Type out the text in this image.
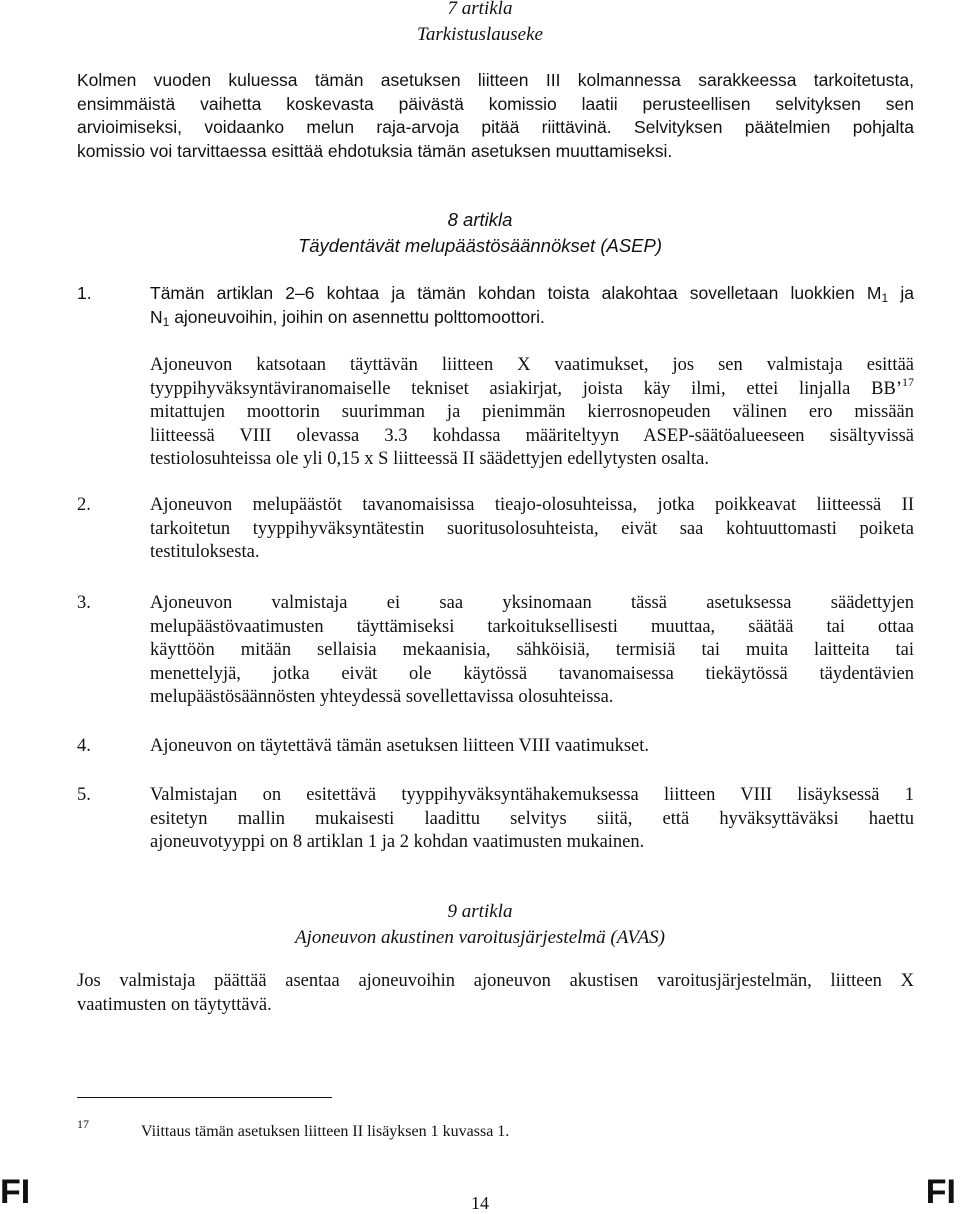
7 artikla
Tarkistuslauseke
Kolmen vuoden kuluessa tämän asetuksen liitteen III kolmannessa sarakkeessa tarkoitetusta,
ensimmäistä vaihetta koskevasta päivästä komissio laatii perusteellisen selvityksen sen
arvioimiseksi, voidaanko melun raja-arvoja pitää riittävinä. Selvityksen päätelmien pohjalta
komissio voi tarvittaessa esittää ehdotuksia tämän asetuksen muuttamiseksi.
8 artikla
Täydentävät melupäästösäännökset (ASEP)
1.	Tämän artiklan 2–6 kohtaa ja tämän kohdan toista alakohtaa sovelletaan luokkien $M_1$ ja
$N_1$ ajoneuvoihin, joihin on asennettu polttomoottori.
Ajoneuvon katsotaan täyttävän liitteen X vaatimukset, jos sen valmistaja esittää
tyyppihyväksyntäviranomaiselle tekniset asiakirjat, joista käy ilmi, ettei linjalla BB’$^{17}$
mitattujen moottorin suurimman ja pienimmän kierrosnopeuden välinen ero missään
liitteessä VIII olevassa 3.3 kohdassa määriteltyyn ASEP-säätöalueeseen sisältyvissä
testiolosuhteissa ole yli 0,15 x S liitteessä II säädettyjen edellytysten osalta.
2.	Ajoneuvon melupäästöt tavanomaisissa tieajo-olosuhteissa, jotka poikkeavat liitteessä II
tarkoitetun tyyppihyväksyntätestin suoritusolosuhteista, eivät saa kohtuuttomasti poiketa
testituloksesta.
3.	Ajoneuvon valmistaja ei saa yksinomaan tässä asetuksessa säädettyjen
melupäästövaatimusten täyttämiseksi tarkoituksellisesti muuttaa, säätää tai ottaa
käyttöön mitään sellaisia mekaanisia, sähköisiä, termisiä tai muita laitteita tai
menettelyjä, jotka eivät ole käytössä tavanomaisessa tiekäytössä täydentävien
melupäästösäännösten yhteydessä sovellettavissa olosuhteissa.
4.	Ajoneuvon on täytettävä tämän asetuksen liitteen VIII vaatimukset.
5.	Valmistajan on esitettävä tyyppihyväksyntähakemuksessa liitteen VIII lisäyksessä 1
esitetyn mallin mukaisesti laadittu selvitys siitä, että hyväksyttäväksi haettu
ajoneuvotyyppi on 8 artiklan 1 ja 2 kohdan vaatimusten mukainen.
9 artikla
Ajoneuvon akustinen varoitusjärjestelmä (AVAS)
Jos valmistaja päättää asentaa ajoneuvoihin ajoneuvon akustisen varoitusjärjestelmän, liitteen X
vaatimusten on täytyttävä.
17	Viittaus tämän asetuksen liitteen II lisäyksen 1 kuvassa 1.
FI	14	FI
